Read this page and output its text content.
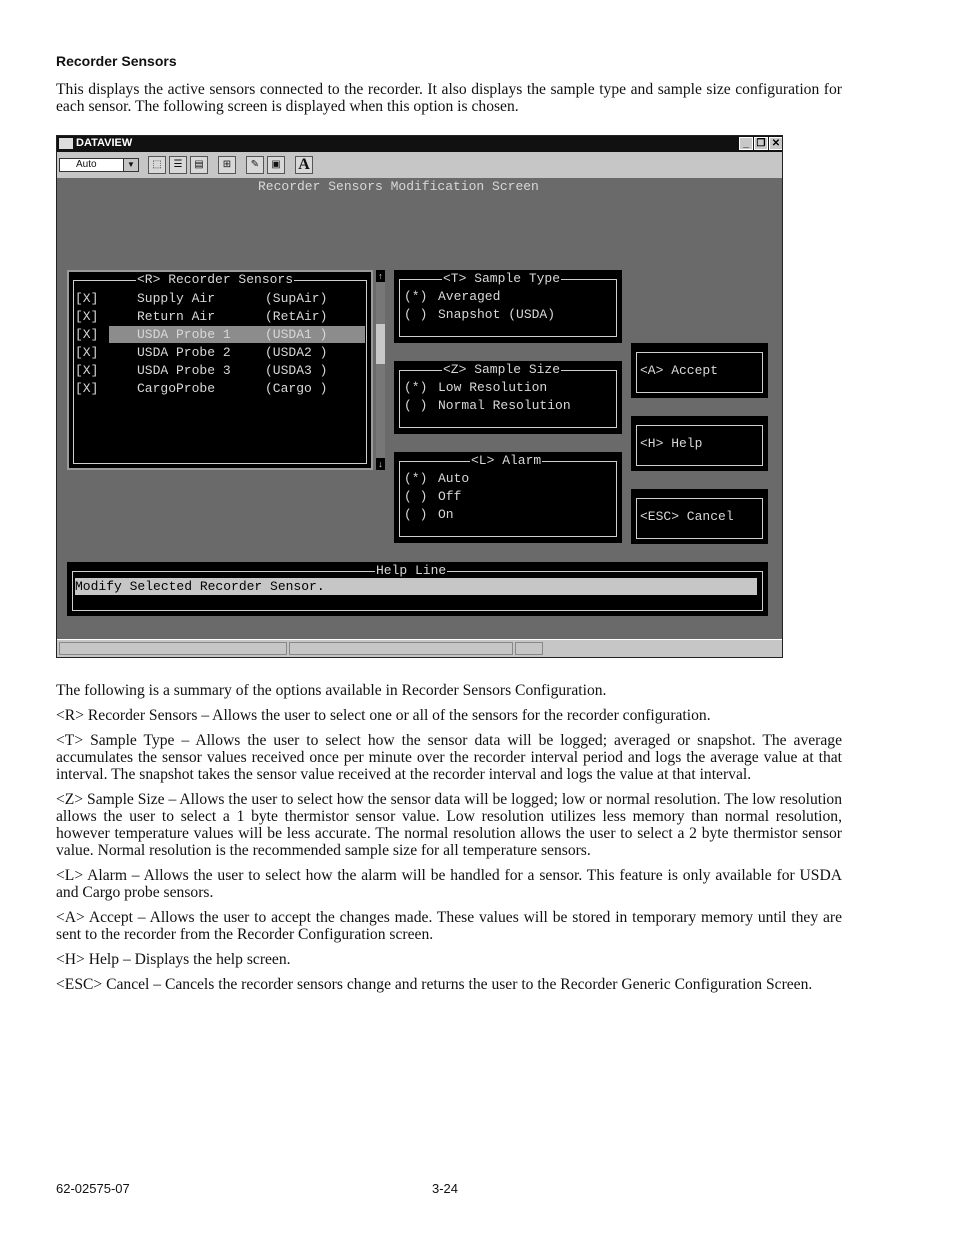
Recorder Sensors

This displays the active sensors connected to the recorder. It also displays the sample type and sample size configuration for each sensor. The following screen is displayed when this option is chosen.

DATAVIEW	_ ❐ ✕
Auto	▼	⬚	☰	▤	⊞	✎	▣ A
Recorder Sensors Modification Screen
<R> Recorder Sensors
[X]	Supply Air	(SupAir)
[X]	Return Air	(RetAir)
[X]	USDA Probe 1	(USDA1 )
[X]	USDA Probe 2	(USDA2 )
[X]	USDA Probe 3	(USDA3 )
[X]	CargoProbe	(Cargo )
↑
↓
<T> Sample Type
(*) Averaged
( ) Snapshot (USDA)
<Z> Sample Size
(*) Low Resolution
( ) Normal Resolution
<L> Alarm
(*) Auto
( ) Off
( ) On
<A> Accept
<H> Help
<ESC> Cancel
Help Line
Modify Selected Recorder Sensor.

The following is a summary of the options available in Recorder Sensors Configuration.

<R> Recorder Sensors – Allows the user to select one or all of the sensors for the recorder configuration.

<T> Sample Type – Allows the user to select how the sensor data will be logged; averaged or snapshot. The average accumulates the sensor values received once per minute over the recorder interval period and logs the average value at that interval. The snapshot takes the sensor value received at the recorder interval and logs the value at that interval.

<Z> Sample Size – Allows the user to select how the sensor data will be logged; low or normal resolution. The low resolution allows the user to select a 1 byte thermistor sensor value. Low resolution utilizes less memory than normal resolution, however temperature values will be less accurate. The normal resolution allows the user to select a 2 byte thermistor sensor value. Normal resolution is the recommended sample size for all temperature sensors.

<L> Alarm – Allows the user to select how the alarm will be handled for a sensor. This feature is only available for USDA and Cargo probe sensors.

<A> Accept – Allows the user to accept the changes made. These values will be stored in temporary memory until they are sent to the recorder from the Recorder Configuration screen.

<H> Help – Displays the help screen.

<ESC> Cancel – Cancels the recorder sensors change and returns the user to the Recorder Generic Configuration Screen.

62-02575-07	3-24
